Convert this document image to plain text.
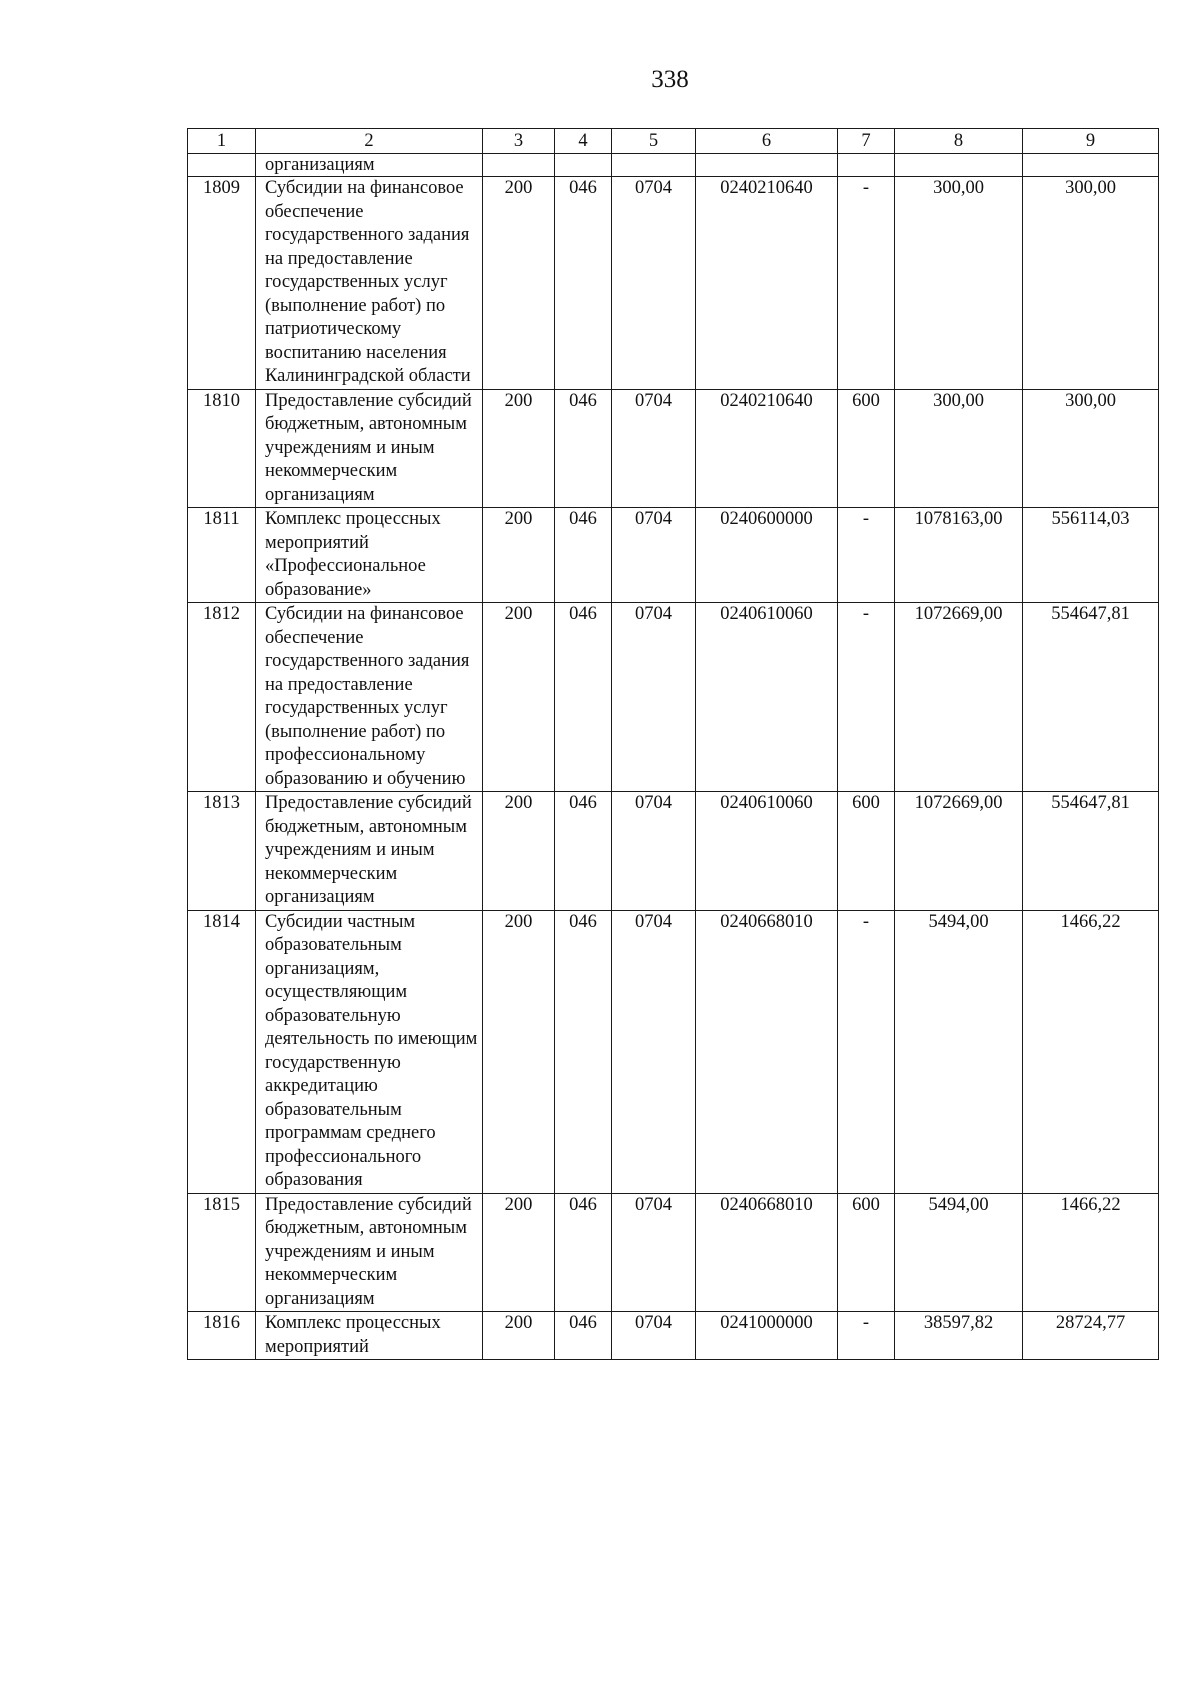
338
1	2	3	4	5	6	7	8	9
	организациям							
1809	Субсидии на финансовое обеспечение государственного задания на предоставление государственных услуг (выполнение работ) по патриотическому воспитанию населения Калининградской области	200	046	0704	0240210640	-	300,00	300,00
1810	Предоставление субсидий бюджетным, автономным учреждениям и иным некоммерческим организациям	200	046	0704	0240210640	600	300,00	300,00
1811	Комплекс процессных мероприятий «Профессиональное образование»	200	046	0704	0240600000	-	1078163,00	556114,03
1812	Субсидии на финансовое обеспечение государственного задания на предоставление государственных услуг (выполнение работ) по профессиональному образованию и обучению	200	046	0704	0240610060	-	1072669,00	554647,81
1813	Предоставление субсидий бюджетным, автономным учреждениям и иным некоммерческим организациям	200	046	0704	0240610060	600	1072669,00	554647,81
1814	Субсидии частным образовательным организациям, осуществляющим образовательную деятельность по имеющим государственную аккредитацию образовательным программам среднего профессионального образования	200	046	0704	0240668010	-	5494,00	1466,22
1815	Предоставление субсидий бюджетным, автономным учреждениям и иным некоммерческим организациям	200	046	0704	0240668010	600	5494,00	1466,22
1816	Комплекс процессных мероприятий	200	046	0704	0241000000	-	38597,82	28724,77
